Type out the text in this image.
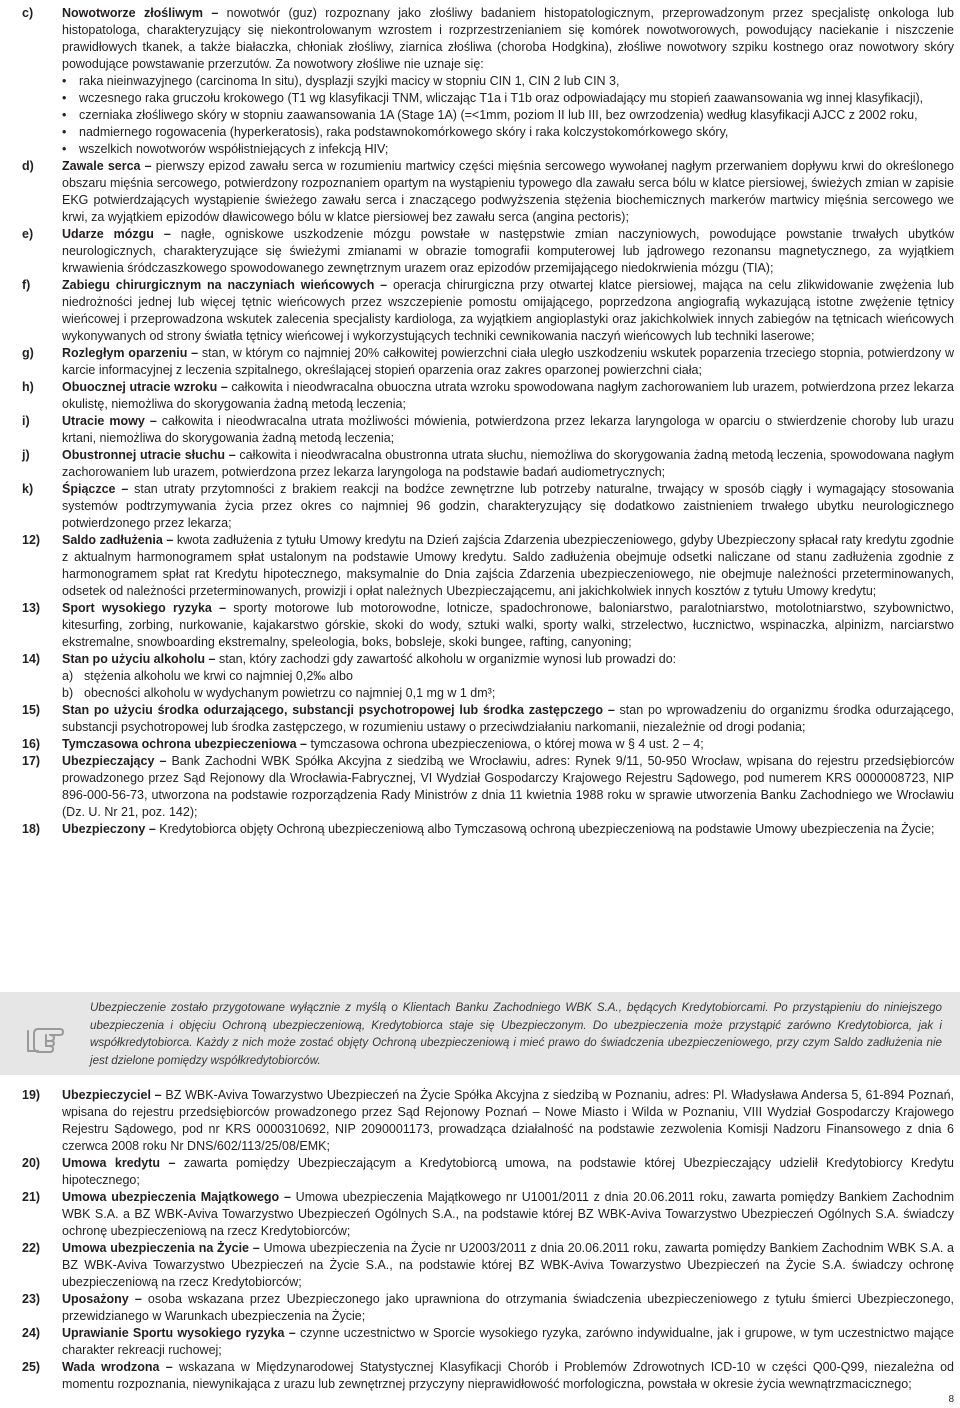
c)	Nowotworze złośliwym – nowotwór (guz) rozpoznany jako złośliwy badaniem histopatologicznym, przeprowadzonym przez specjalistę onkologa lub histopatologa, charakteryzujący się niekontrolowanym wzrostem i rozprzestrzenianiem się komórek nowotworowych, powodujący naciekanie i niszczenie prawidłowych tkanek, a także białaczka, chłoniak złośliwy, ziarnica złośliwa (choroba Hodgkina), złośliwe nowotwory szpiku kostnego oraz nowotwory skóry powodujące powstawanie przerzutów. Za nowotwory złośliwe nie uznaje się:

•	raka nieinwazyjnego (carcinoma In situ), dysplazji szyjki macicy w stopniu CIN 1, CIN 2 lub CIN 3,
•	wczesnego raka gruczołu krokowego (T1 wg klasyfikacji TNM, wliczając T1a i T1b oraz odpowiadający mu stopień zaawansowania wg innej klasyfikacji),
•	czerniaka złośliwego skóry w stopniu zaawansowania 1A (Stage 1A) (=<1mm, poziom II lub III, bez owrzodzenia) według klasyfikacji AJCC z 2002 roku,
•	nadmiernego rogowacenia (hyperkeratosis), raka podstawnokomórkowego skóry i raka kolczystokomórkowego skóry,
•	wszelkich nowotworów współistniejących z infekcją HIV;
d)	Zawale serca – pierwszy epizod zawału serca w rozumieniu martwicy części mięśnia sercowego wywołanej nagłym przerwaniem dopływu krwi do określonego obszaru mięśnia sercowego, potwierdzony rozpoznaniem opartym na wystąpieniu typowego dla zawału serca bólu w klatce piersiowej, świeżych zmian w zapisie EKG potwierdzających wystąpienie świeżego zawału serca i znaczącego podwyższenia stężenia biochemicznych markerów martwicy mięśnia sercowego we krwi, za wyjątkiem epizodów dławicowego bólu w klatce piersiowej bez zawału serca (angina pectoris);

e)	Udarze mózgu – nagłe, ogniskowe uszkodzenie mózgu powstałe w następstwie zmian naczyniowych, powodujące powstanie trwałych ubytków neurologicznych, charakteryzujące się świeżymi zmianami w obrazie tomografii komputerowej lub jądrowego rezonansu magnetycznego, za wyjątkiem krwawienia śródczaszkowego spowodowanego zewnętrznym urazem oraz epizodów przemijającego niedokrwienia mózgu (TIA);

f)	Zabiegu chirurgicznym na naczyniach wieńcowych – operacja chirurgiczna przy otwartej klatce piersiowej, mająca na celu zlikwidowanie zwężenia lub niedrożności jednej lub więcej tętnic wieńcowych przez wszczepienie pomostu omijającego, poprzedzona angiografią wykazującą istotne zwężenie tętnicy wieńcowej i przeprowadzona wskutek zalecenia specjalisty kardiologa, za wyjątkiem angioplastyki oraz jakichkolwiek innych zabiegów na tętnicach wieńcowych wykonywanych od strony światła tętnicy wieńcowej i wykorzystujących techniki cewnikowania naczyń wieńcowych lub techniki laserowe;

g)	Rozległym oparzeniu – stan, w którym co najmniej 20% całkowitej powierzchni ciała uległo uszkodzeniu wskutek poparzenia trzeciego stopnia, potwierdzony w karcie informacyjnej z leczenia szpitalnego, określającej stopień oparzenia oraz zakres oparzonej powierzchni ciała;

h)	Obuocznej utracie wzroku – całkowita i nieodwracalna obuoczna utrata wzroku spowodowana nagłym zachorowaniem lub urazem, potwierdzona przez lekarza okulistę, niemożliwa do skorygowania żadną metodą leczenia;

i)	Utracie mowy – całkowita i nieodwracalna utrata możliwości mówienia, potwierdzona przez lekarza laryngologa w oparciu o stwierdzenie choroby lub urazu krtani, niemożliwa do skorygowania żadną metodą leczenia;

j)	Obustronnej utracie słuchu – całkowita i nieodwracalna obustronna utrata słuchu, niemożliwa do skorygowania żadną metodą leczenia, spowodowana nagłym zachorowaniem lub urazem, potwierdzona przez lekarza laryngologa na podstawie badań audiometrycznych;

k)	Śpiączce – stan utraty przytomności z brakiem reakcji na bodźce zewnętrzne lub potrzeby naturalne, trwający w sposób ciągły i wymagający stosowania systemów podtrzymywania życia przez okres co najmniej 96 godzin, charakteryzujący się dodatkowo zaistnieniem trwałego ubytku neurologicznego potwierdzonego przez lekarza;

12)	Saldo zadłużenia – kwota zadłużenia z tytułu Umowy kredytu na Dzień zajścia Zdarzenia ubezpieczeniowego, gdyby Ubezpieczony spłacał raty kredytu zgodnie z aktualnym harmonogramem spłat ustalonym na podstawie Umowy kredytu. Saldo zadłużenia obejmuje odsetki naliczane od stanu zadłużenia zgodnie z harmonogramem spłat rat Kredytu hipotecznego, maksymalnie do Dnia zajścia Zdarzenia ubezpieczeniowego, nie obejmuje należności przeterminowanych, odsetek od należności przeterminowanych, prowizji i opłat należnych Ubezpieczającemu, ani jakichkolwiek innych kosztów z tytułu Umowy kredytu;

13)	Sport wysokiego ryzyka – sporty motorowe lub motorowodne, lotnicze, spadochronowe, baloniarstwo, paralotniarstwo, motolotniarstwo, szybownictwo, kitesurfing, zorbing, nurkowanie, kajakarstwo górskie, skoki do wody, sztuki walki, sporty walki, strzelectwo, łucznictwo, wspinaczka, alpinizm, narciarstwo ekstremalne, snowboarding ekstremalny, speleologia, boks, bobsleje, skoki bungee, rafting, canyoning;

14)	Stan po użyciu alkoholu – stan, który zachodzi gdy zawartość alkoholu w organizmie wynosi lub prowadzi do:

a) stężenia alkoholu we krwi co najmniej 0,2‰ albo
b) obecności alkoholu w wydychanym powietrzu co najmniej 0,1 mg w 1 dm³;
15)	Stan po użyciu środka odurzającego, substancji psychotropowej lub środka zastępczego – stan po wprowadzeniu do organizmu środka odurzającego, substancji psychotropowej lub środka zastępczego, w rozumieniu ustawy o przeciwdziałaniu narkomanii, niezależnie od drogi podania;

16)	Tymczasowa ochrona ubezpieczeniowa – tymczasowa ochrona ubezpieczeniowa, o której mowa w § 4 ust. 2 – 4;

17)	Ubezpieczający – Bank Zachodni WBK Spółka Akcyjna z siedzibą we Wrocławiu, adres: Rynek 9/11, 50-950 Wrocław, wpisana do rejestru przedsiębiorców prowadzonego przez Sąd Rejonowy dla Wrocławia-Fabrycznej, VI Wydział Gospodarczy Krajowego Rejestru Sądowego, pod numerem KRS 0000008723, NIP 896-000-56-73, utworzona na podstawie rozporządzenia Rady Ministrów z dnia 11 kwietnia 1988 roku w sprawie utworzenia Banku Zachodniego we Wrocławiu (Dz. U. Nr 21, poz. 142);

18)	Ubezpieczony – Kredytobiorca objęty Ochroną ubezpieczeniową albo Tymczasową ochroną ubezpieczeniową na podstawie Umowy ubezpieczenia na Życie;

Ubezpieczenie zostało przygotowane wyłącznie z myślą o Klientach Banku Zachodniego WBK S.A., będących Kredytobiorcami. Po przystąpieniu do niniejszego ubezpieczenia i objęciu Ochroną ubezpieczeniową, Kredytobiorca staje się Ubezpieczonym. Do ubezpieczenia może przystąpić zarówno Kredytobiorca, jak i współkredytobiorca. Każdy z nich może zostać objęty Ochroną ubezpieczeniową i mieć prawo do świadczenia ubezpieczeniowego, przy czym Saldo zadłużenia nie jest dzielone pomiędzy współkredytobiorców.
19)	Ubezpieczyciel – BZ WBK-Aviva Towarzystwo Ubezpieczeń na Życie Spółka Akcyjna z siedzibą w Poznaniu, adres: Pl. Władysława Andersa 5, 61-894 Poznań, wpisana do rejestru przedsiębiorców prowadzonego przez Sąd Rejonowy Poznań – Nowe Miasto i Wilda w Poznaniu, VIII Wydział Gospodarczy Krajowego Rejestru Sądowego, pod nr KRS 0000310692, NIP 2090001173, prowadząca działalność na podstawie zezwolenia Komisji Nadzoru Finansowego z dnia 6 czerwca 2008 roku Nr DNS/602/113/25/08/EMK;

20)	Umowa kredytu – zawarta pomiędzy Ubezpieczającym a Kredytobiorcą umowa, na podstawie której Ubezpieczający udzielił Kredytobiorcy Kredytu hipotecznego;

21)	Umowa ubezpieczenia Majątkowego – Umowa ubezpieczenia Majątkowego nr U1001/2011 z dnia 20.06.2011 roku, zawarta pomiędzy Bankiem Zachodnim WBK S.A. a BZ WBK-Aviva Towarzystwo Ubezpieczeń Ogólnych S.A., na podstawie której BZ WBK-Aviva Towarzystwo Ubezpieczeń Ogólnych S.A. świadczy ochronę ubezpieczeniową na rzecz Kredytobiorców;

22)	Umowa ubezpieczenia na Życie – Umowa ubezpieczenia na Życie nr U2003/2011 z dnia 20.06.2011 roku, zawarta pomiędzy Bankiem Zachodnim WBK S.A. a BZ WBK-Aviva Towarzystwo Ubezpieczeń na Życie S.A., na podstawie której BZ WBK-Aviva Towarzystwo Ubezpieczeń na Życie S.A. świadczy ochronę ubezpieczeniową na rzecz Kredytobiorców;

23)	Uposażony – osoba wskazana przez Ubezpieczonego jako uprawniona do otrzymania świadczenia ubezpieczeniowego z tytułu śmierci Ubezpieczonego, przewidzianego w Warunkach ubezpieczenia na Życie;

24)	Uprawianie Sportu wysokiego ryzyka – czynne uczestnictwo w Sporcie wysokiego ryzyka, zarówno indywidualne, jak i grupowe, w tym uczestnictwo mające charakter rekreacji ruchowej;

25)	Wada wrodzona – wskazana w Międzynarodowej Statystycznej Klasyfikacji Chorób i Problemów Zdrowotnych ICD-10 w części Q00-Q99, niezależna od momentu rozpoznania, niewynikająca z urazu lub zewnętrznej przyczyny nieprawidłowość morfologiczna, powstała w okresie życia wewnątrzmacicznego;

8
